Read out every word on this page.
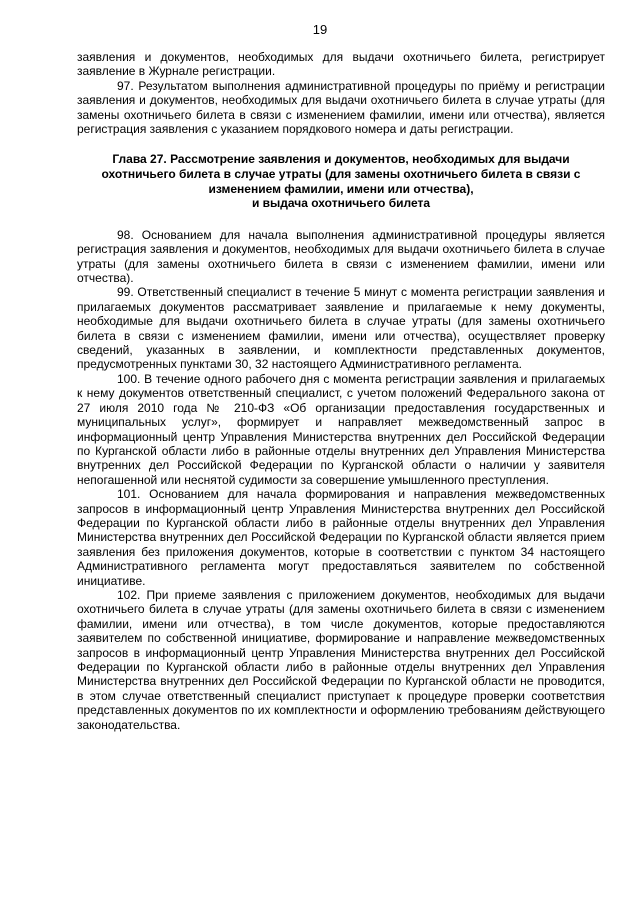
19

заявления и документов, необходимых для выдачи охотничьего билета, регистрирует заявление в Журнале регистрации.

97. Результатом выполнения административной процедуры по приёму и регистрации заявления и документов, необходимых для выдачи охотничьего билета в случае утраты (для замены охотничьего билета в связи с изменением фамилии, имени или отчества), является регистрация заявления с указанием порядкового номера и даты регистрации.

Глава 27. Рассмотрение заявления и документов, необходимых для выдачи
охотничьего билета в случае утраты (для замены охотничьего билета в связи с
изменением фамилии, имени или отчества),
и выдача охотничьего билета

98. Основанием для начала выполнения административной процедуры является регистрация заявления и документов, необходимых для выдачи охотничьего билета в случае утраты (для замены охотничьего билета в связи с изменением фамилии, имени или отчества).

99. Ответственный специалист в течение 5 минут с момента регистрации заявления и прилагаемых документов рассматривает заявление и прилагаемые к нему документы, необходимые для выдачи охотничьего билета в случае утраты (для замены охотничьего билета в связи с изменением фамилии, имени или отчества), осуществляет проверку сведений, указанных в заявлении, и комплектности представленных документов, предусмотренных пунктами 30, 32 настоящего Административного регламента.

100. В течение одного рабочего дня с момента регистрации заявления и прилагаемых к нему документов ответственный специалист, с учетом положений Федерального закона от 27 июля 2010 года № 210-ФЗ «Об организации предоставления государственных и муниципальных услуг», формирует и направляет межведомственный запрос в информационный центр Управления Министерства внутренних дел Российской Федерации по Курганской области либо в районные отделы внутренних дел Управления Министерства внутренних дел Российской Федерации по Курганской области о наличии у заявителя непогашенной или неснятой судимости за совершение умышленного преступления.

101. Основанием для начала формирования и направления межведомственных запросов в информационный центр Управления Министерства внутренних дел Российской Федерации по Курганской области либо в районные отделы внутренних дел Управления Министерства внутренних дел Российской Федерации по Курганской области является прием заявления без приложения документов, которые в соответствии с пунктом 34 настоящего Административного регламента могут предоставляться заявителем по собственной инициативе.

102. При приеме заявления с приложением документов, необходимых для выдачи охотничьего билета в случае утраты (для замены охотничьего билета в связи с изменением фамилии, имени или отчества), в том числе документов, которые предоставляются заявителем по собственной инициативе, формирование и направление межведомственных запросов в информационный центр Управления Министерства внутренних дел Российской Федерации по Курганской области либо в районные отделы внутренних дел Управления Министерства внутренних дел Российской Федерации по Курганской области не проводится, в этом случае ответственный специалист приступает к процедуре проверки соответствия представленных документов по их комплектности и оформлению требованиям действующего законодательства.
